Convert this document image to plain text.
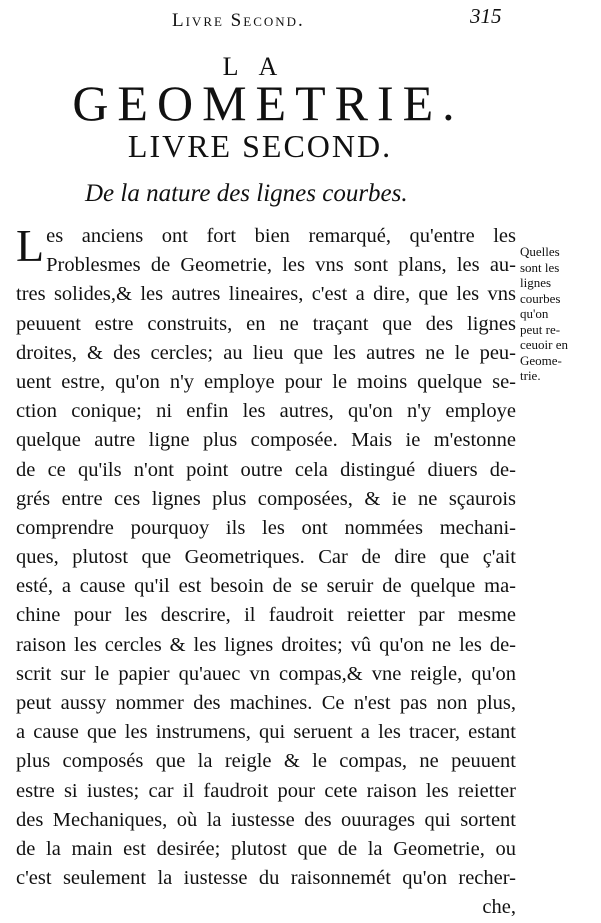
Livre Second.	315
LA
GEOMETRIE.
LIVRE SECOND.
De la nature des lignes courbes.
Les anciens ont fort bien remarqué, qu'entre les
Problesmes de Geometrie, les vns sont plans, les au-
tres solides,& les autres lineaires, c'est a dire, que les vns
peuuent estre construits, en ne traçant que des lignes
droites, & des cercles; au lieu que les autres ne le peu-
uent estre, qu'on n'y employe pour le moins quelque se-
ction conique; ni enfin les autres, qu'on n'y employe
quelque autre ligne plus composée. Mais ie m'estonne
de ce qu'ils n'ont point outre cela distingué diuers de-
grés entre ces lignes plus composées, & ie ne sçaurois
comprendre pourquoy ils les ont nommées mechani-
ques, plutost que Geometriques. Car de dire que ç'ait
esté, a cause qu'il est besoin de se seruir de quelque ma-
chine pour les descrire, il faudroit reietter par mesme
raison les cercles & les lignes droites; vû qu'on ne les de-
scrit sur le papier qu'auec vn compas,& vne reigle, qu'on
peut aussy nommer des machines. Ce n'est pas non plus,
a cause que les instrumens, qui seruent a les tracer, estant
plus composés que la reigle & le compas, ne peuuent
estre si iustes; car il faudroit pour cete raison les reietter
des Mechaniques, où la iustesse des ouurages qui sortent
de la main est desirée; plutost que de la Geometrie, ou
c'est seulement la iustesse du raisonnemét qu'on recher-
che,
Quelles
sont les
lignes
courbes
qu'on
peut re-
ceuoir en
Geome-
trie.
